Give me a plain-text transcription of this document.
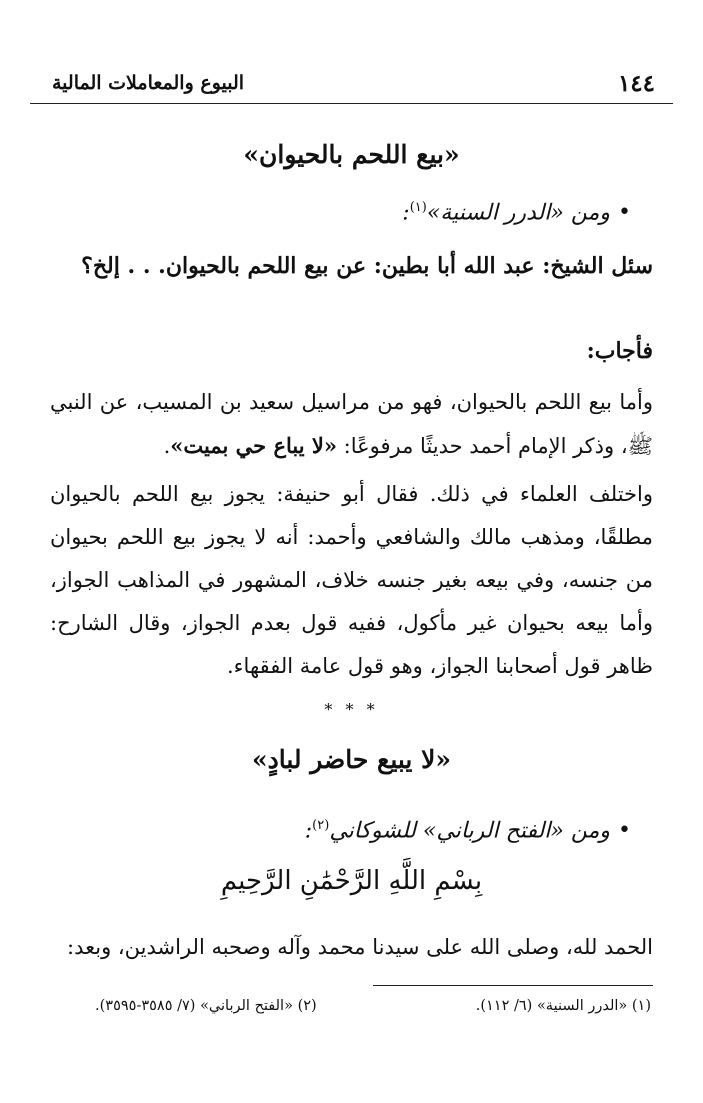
١٤٤
البيوع والمعاملات المالية
«بيع اللحم بالحيوان»
•ومن «الدرر السنية»$^{(١)}$:
سئل الشيخ: عبد الله أبا بطين: عن بيع اللحم بالحيوان. . . إلخ؟
فأجاب:
وأما بيع اللحم بالحيوان، فهو من مراسيل سعيد بن المسيب، عن النبي ﷺ، وذكر الإمام أحمد حديثًا مرفوعًا: «لا يباع حي بميت».
واختلف العلماء في ذلك. فقال أبو حنيفة: يجوز بيع اللحم بالحيوان مطلقًا، ومذهب مالك والشافعي وأحمد: أنه لا يجوز بيع اللحم بحيوان من جنسه، وفي بيعه بغير جنسه خلاف، المشهور في المذاهب الجواز، وأما بيعه بحيوان غير مأكول، ففيه قول بعدم الجواز، وقال الشارح: ظاهر قول أصحابنا الجواز، وهو قول عامة الفقهاء.
* * *
«لا يبيع حاضر لبادٍ»
•ومن «الفتح الرباني» للشوكاني$^{(٢)}$:
بِسْمِ اللَّهِ الرَّحْمَٰنِ الرَّحِيمِ
الحمد لله، وصلى الله على سيدنا محمد وآله وصحبه الراشدين، وبعد:
(١) «الدرر السنية» (٦/ ١١٢).
(٢) «الفتح الرباني» (٧/ ٣٥٨٥-٣٥٩٥).
